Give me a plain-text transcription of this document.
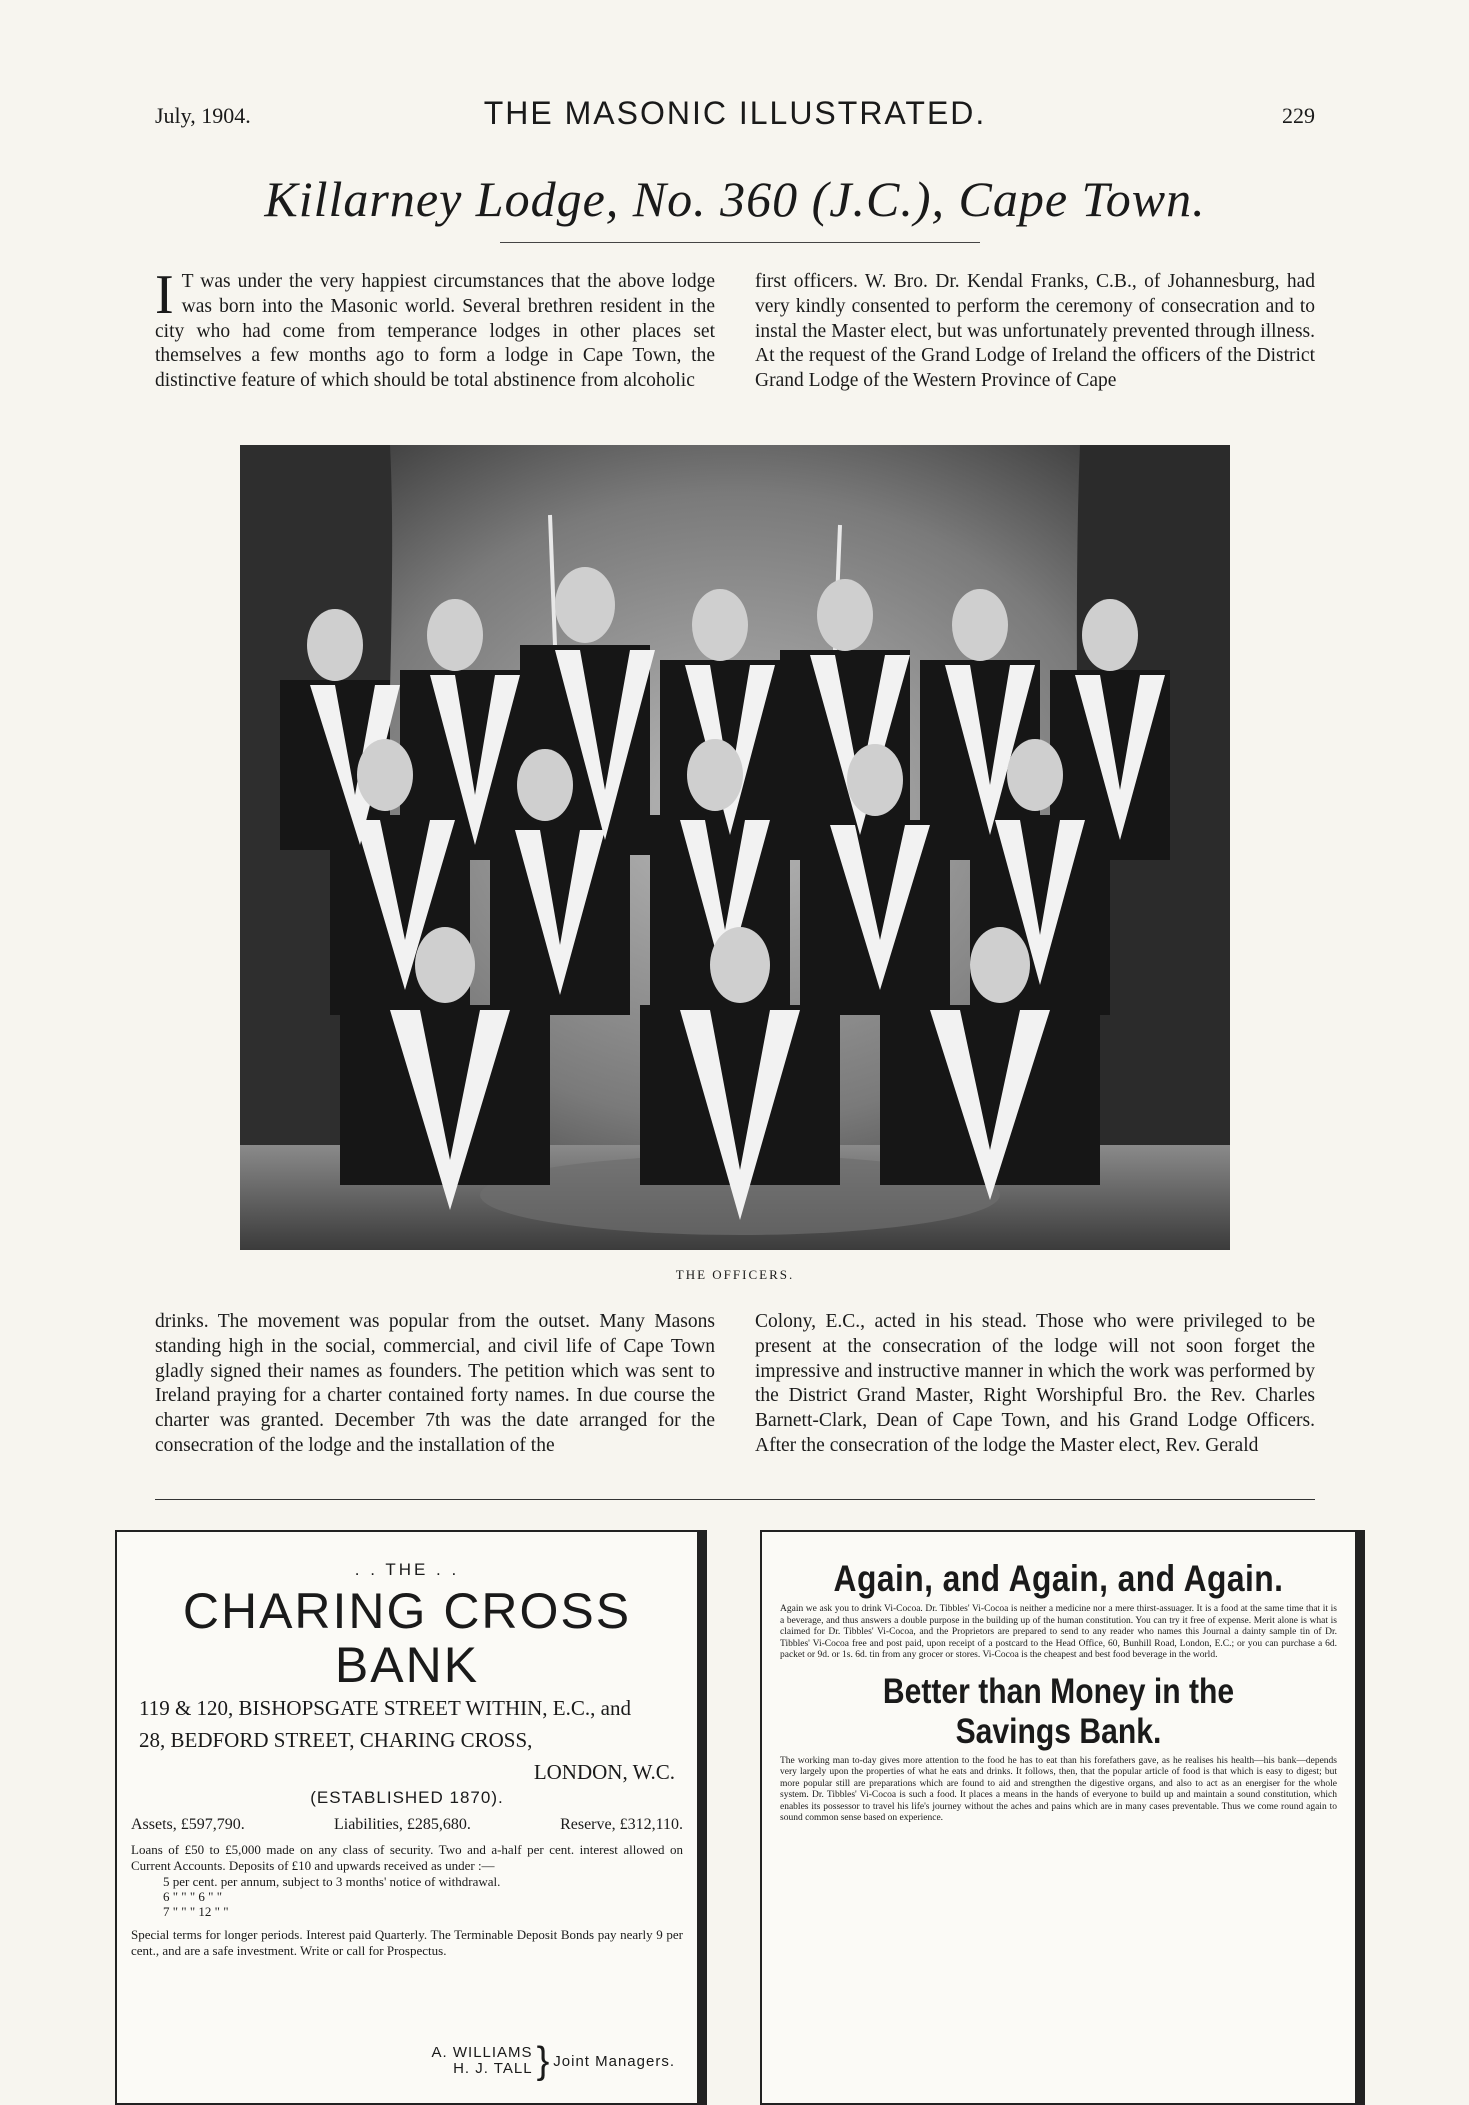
July, 1904.	THE MASONIC ILLUSTRATED.	229
Killarney Lodge, No. 360 (J.C.), Cape Town.
I T was under the very happiest circumstances that the above lodge was born into the Masonic world. Several brethren resident in the city who had come from temperance lodges in other places set themselves a few months ago to form a lodge in Cape Town, the distinctive feature of which should be total abstinence from alcoholic
first officers. W. Bro. Dr. Kendal Franks, C.B., of Johannesburg, had very kindly consented to perform the ceremony of consecration and to instal the Master elect, but was unfortunately prevented through illness. At the request of the Grand Lodge of Ireland the officers of the District Grand Lodge of the Western Province of Cape
THE OFFICERS.
drinks. The movement was popular from the outset. Many Masons standing high in the social, commercial, and civil life of Cape Town gladly signed their names as founders. The petition which was sent to Ireland praying for a charter contained forty names. In due course the charter was granted. December 7th was the date arranged for the consecration of the lodge and the installation of the
Colony, E.C., acted in his stead. Those who were privileged to be present at the consecration of the lodge will not soon forget the impressive and instructive manner in which the work was performed by the District Grand Master, Right Worshipful Bro. the Rev. Charles Barnett-Clark, Dean of Cape Town, and his Grand Lodge Officers. After the consecration of the lodge the Master elect, Rev. Gerald
. . THE . .
CHARING CROSS BANK
119 & 120, BISHOPSGATE STREET WITHIN, E.C., and
28, BEDFORD STREET, CHARING CROSS,
LONDON, W.C.
(ESTABLISHED 1870).
Assets, £597,790.	Liabilities, £285,680.	Reserve, £312,110.
Loans of £50 to £5,000 made on any class of security. Two and a-half per cent. interest allowed on Current Accounts. Deposits of £10 and upwards received as under :—
5 per cent. per annum, subject to 3 months' notice of withdrawal.
6 " " " 6 " "
7 " " " 12 " "
Special terms for longer periods. Interest paid Quarterly. The Terminable Deposit Bonds pay nearly 9 per cent., and are a safe investment. Write or call for Prospectus.
A. WILLIAMS
H. J. TALL } Joint Managers.
Again, and Again, and Again.
Again we ask you to drink Vi-Cocoa. Dr. Tibbles' Vi-Cocoa is neither a medicine nor a mere thirst-assuager. It is a food at the same time that it is a beverage, and thus answers a double purpose in the building up of the human constitution. You can try it free of expense. Merit alone is what is claimed for Dr. Tibbles' Vi-Cocoa, and the Proprietors are prepared to send to any reader who names this Journal a dainty sample tin of Dr. Tibbles' Vi-Cocoa free and post paid, upon receipt of a postcard to the Head Office, 60, Bunhill Road, London, E.C.; or you can purchase a 6d. packet or 9d. or 1s. 6d. tin from any grocer or stores. Vi-Cocoa is the cheapest and best food beverage in the world.
Better than Money in the
Savings Bank.
The working man to-day gives more attention to the food he has to eat than his forefathers gave, as he realises his health—his bank—depends very largely upon the properties of what he eats and drinks. It follows, then, that the popular article of food is that which is easy to digest; but more popular still are preparations which are found to aid and strengthen the digestive organs, and also to act as an energiser for the whole system. Dr. Tibbles' Vi-Cocoa is such a food. It places a means in the hands of everyone to build up and maintain a sound constitution, which enables its possessor to travel his life's journey without the aches and pains which are in many cases preventable. Thus we come round again to sound common sense based on experience.
